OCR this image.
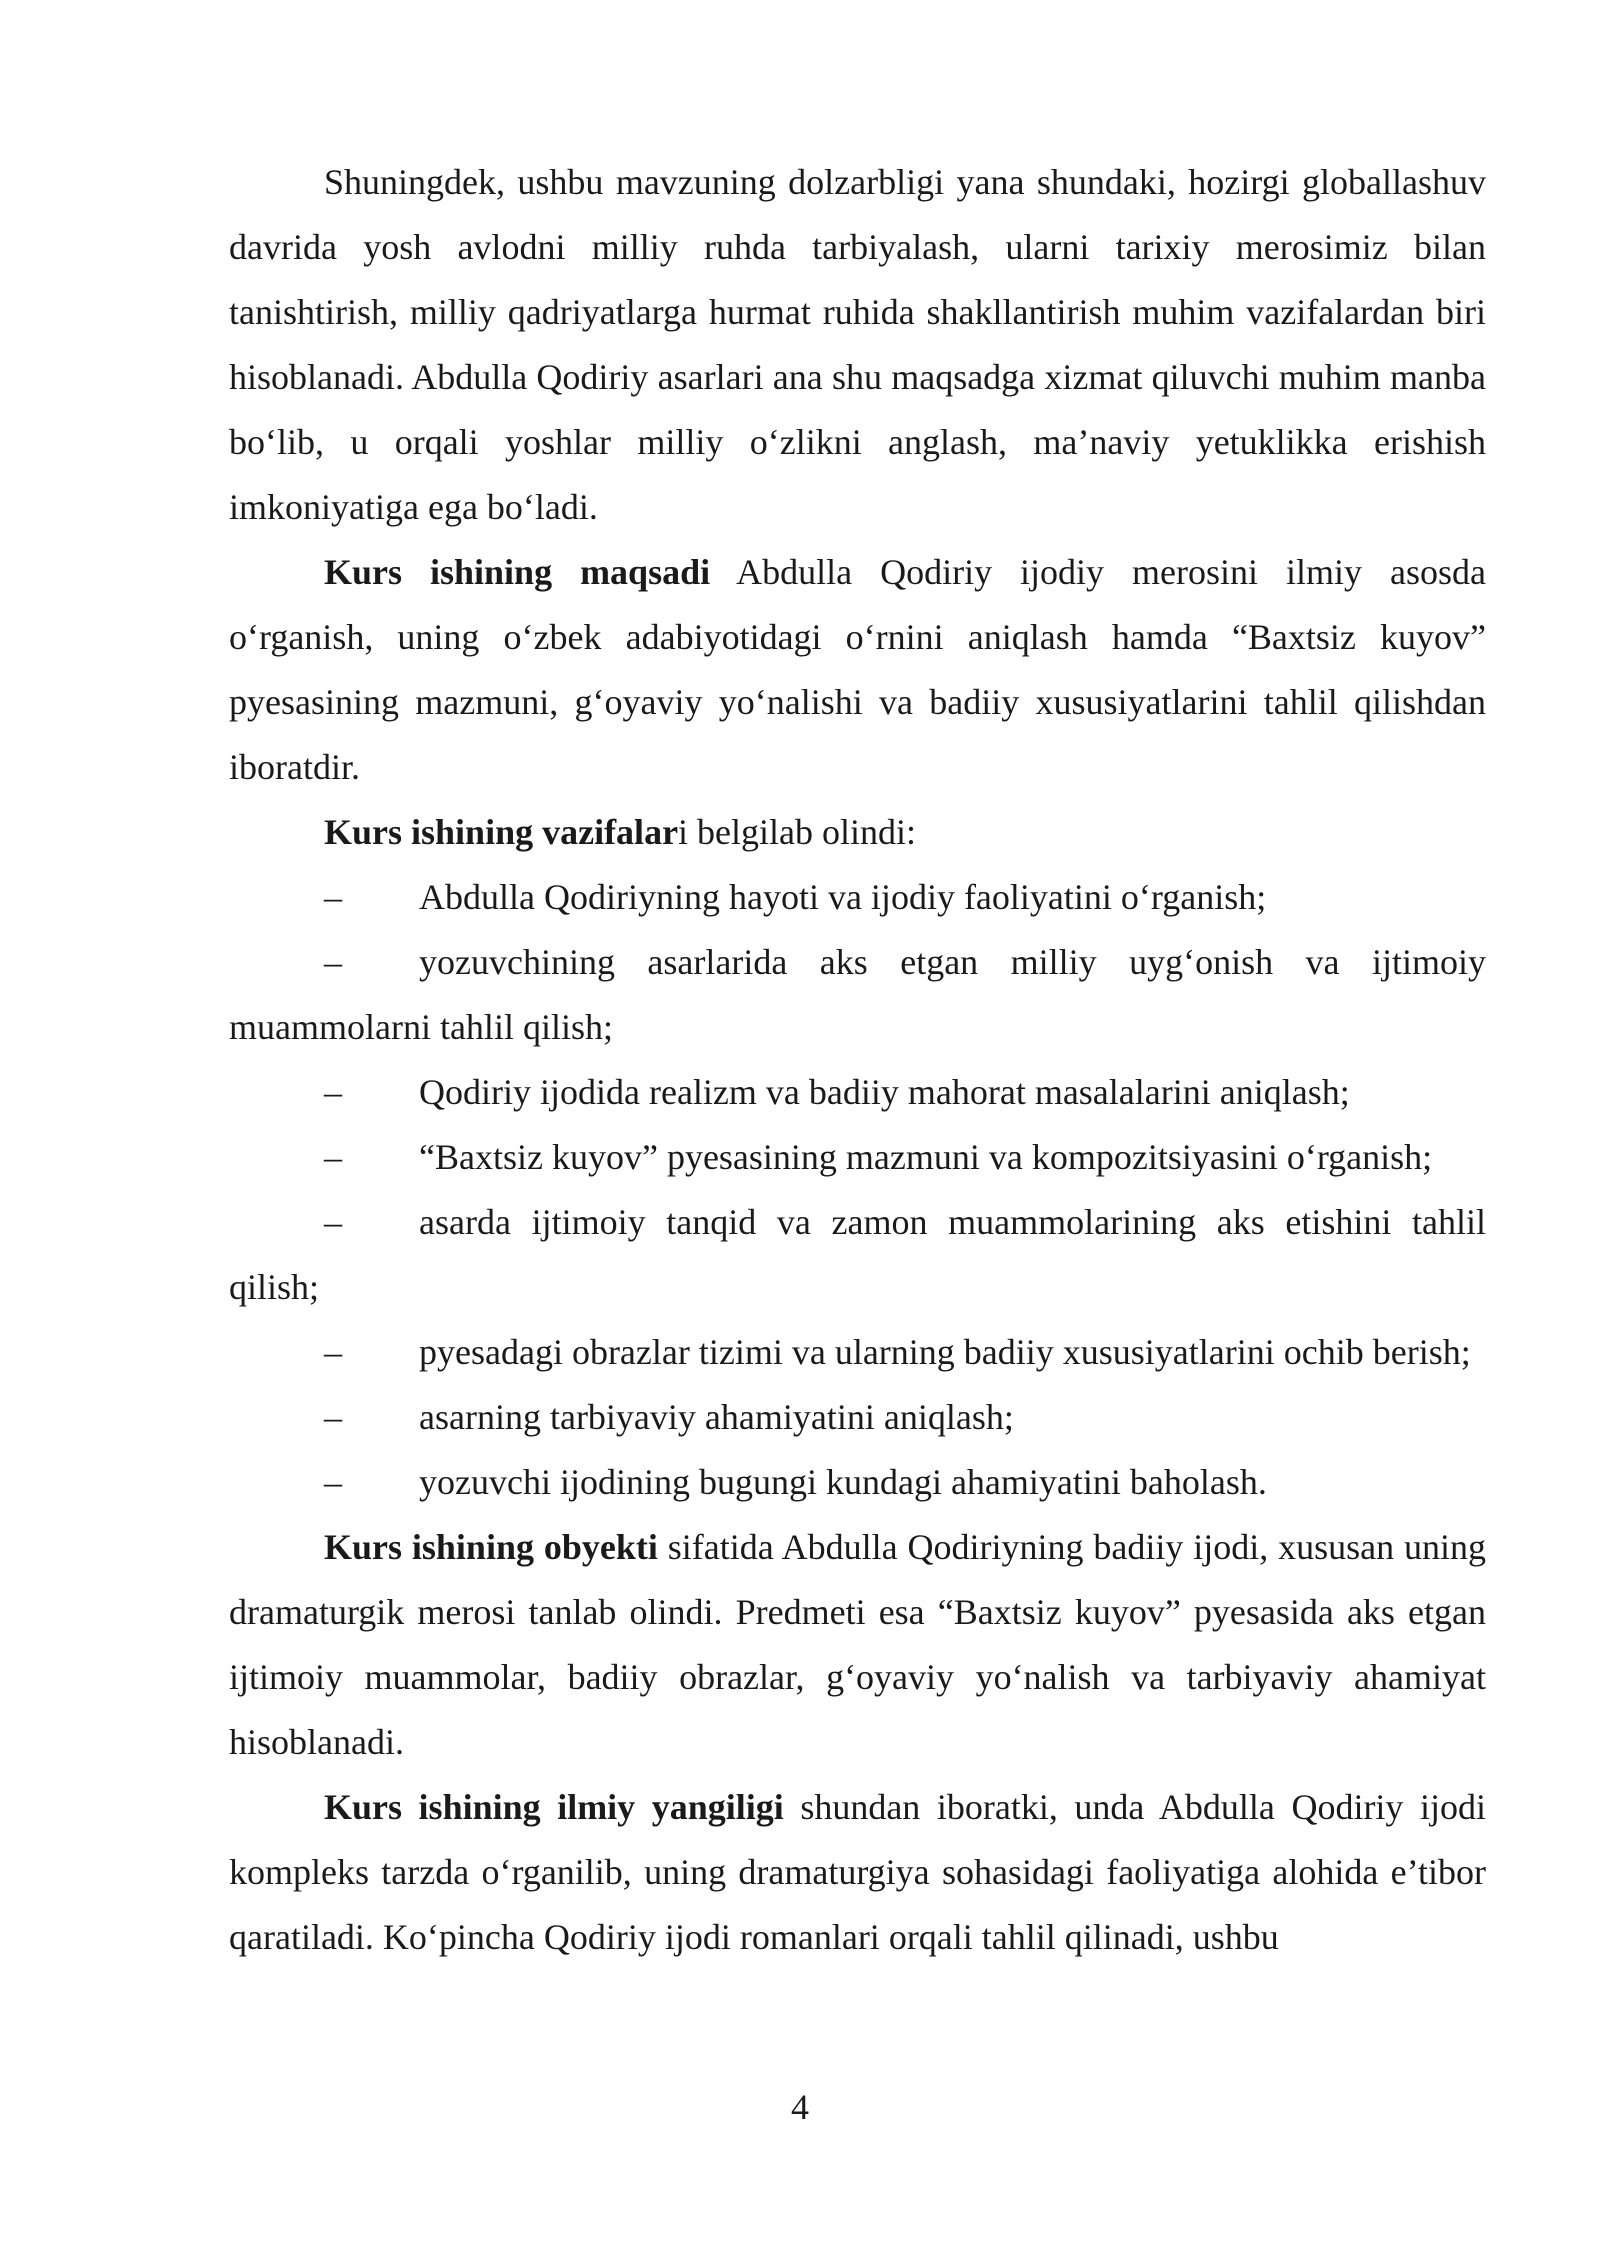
Shuningdek, ushbu mavzuning dolzarbligi yana shundaki, hozirgi globallashuv davrida yosh avlodni milliy ruhda tarbiyalash, ularni tarixiy merosimiz bilan tanishtirish, milliy qadriyatlarga hurmat ruhida shakllantirish muhim vazifalardan biri hisoblanadi. Abdulla Qodiriy asarlari ana shu maqsadga xizmat qiluvchi muhim manba bo‘lib, u orqali yoshlar milliy o‘zlikni anglash, ma’naviy yetuklikka erishish imkoniyatiga ega bo‘ladi.

Kurs ishining maqsadi Abdulla Qodiriy ijodiy merosini ilmiy asosda o‘rganish, uning o‘zbek adabiyotidagi o‘rnini aniqlash hamda “Baxtsiz kuyov” pyesasining mazmuni, g‘oyaviy yo‘nalishi va badiiy xususiyatlarini tahlil qilishdan iboratdir.

Kurs ishining vazifalari belgilab olindi:

– Abdulla Qodiriyning hayoti va ijodiy faoliyatini o‘rganish;

– yozuvchining asarlarida aks etgan milliy uyg‘onish va ijtimoiy muammolarni tahlil qilish;

– Qodiriy ijodida realizm va badiiy mahorat masalalarini aniqlash;

– “Baxtsiz kuyov” pyesasining mazmuni va kompozitsiyasini o‘rganish;

– asarda ijtimoiy tanqid va zamon muammolarining aks etishini tahlil qilish;

– pyesadagi obrazlar tizimi va ularning badiiy xususiyatlarini ochib berish;

– asarning tarbiyaviy ahamiyatini aniqlash;

– yozuvchi ijodining bugungi kundagi ahamiyatini baholash.

Kurs ishining obyekti sifatida Abdulla Qodiriyning badiiy ijodi, xususan uning dramaturgik merosi tanlab olindi. Predmeti esa “Baxtsiz kuyov” pyesasida aks etgan ijtimoiy muammolar, badiiy obrazlar, g‘oyaviy yo‘nalish va tarbiyaviy ahamiyat hisoblanadi.

Kurs ishining ilmiy yangiligi shundan iboratki, unda Abdulla Qodiriy ijodi kompleks tarzda o‘rganilib, uning dramaturgiya sohasidagi faoliyatiga alohida e’tibor qaratiladi. Ko‘pincha Qodiriy ijodi romanlari orqali tahlil qilinadi, ushbu

4
